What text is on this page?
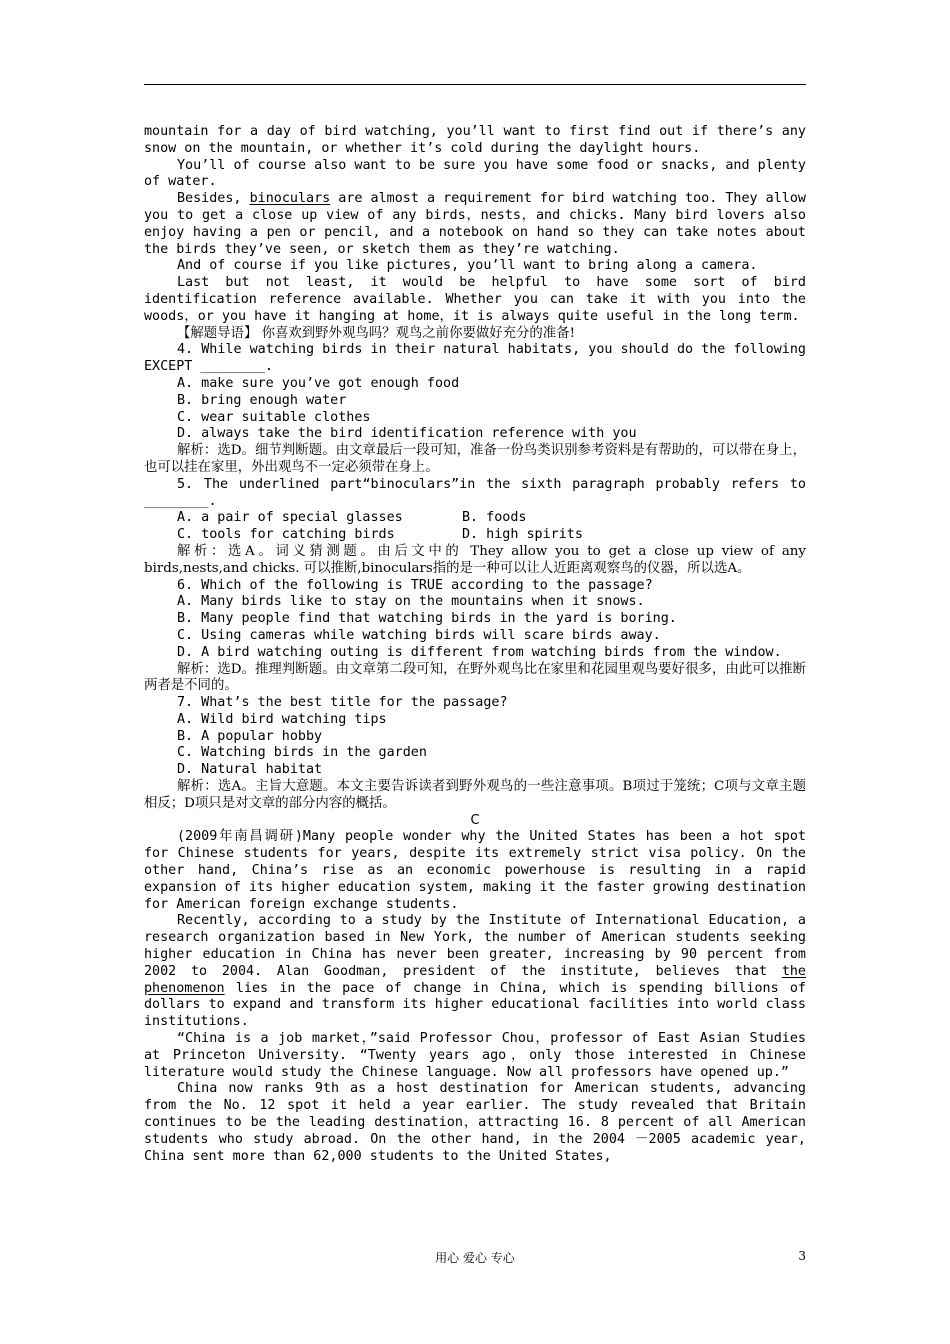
mountain for a day of bird watching, you’ll want to first find out if there’s any snow on the mountain, or whether it’s cold during the daylight hours.

You’ll of course also want to be sure you have some food or snacks, and plenty of water.

Besides, binoculars are almost a requirement for bird watching too. They allow you to get a close up view of any birds，nests，and chicks. Many bird lovers also enjoy having a pen or pencil, and a notebook on hand so they can take notes about the birds they’ve seen, or sketch them as they’re watching.

And of course if you like pictures, you’ll want to bring along a camera.

Last but not least, it would be helpful to have some sort of bird identification reference available. Whether you can take it with you into the woods，or you have it hanging at home，it is always quite useful in the long term.

【解题导语】 你喜欢到野外观鸟吗？观鸟之前你要做好充分的准备!

4. While watching birds in their natural habitats, you should do the following EXCEPT ________.

A. make sure you’ve got enough food

B. bring enough water

C. wear suitable clothes

D. always take the bird identification reference with you

解析：选D。细节判断题。由文章最后一段可知，准备一份鸟类识别参考资料是有帮助的，可以带在身上，也可以挂在家里，外出观鸟不一定必须带在身上。

5. The underlined part“binoculars”in the sixth paragraph probably refers to ________.

A. a pair of special glasses	B. foods
C. tools for catching birds	D. high spirits

解析：选A。词义猜测题。由后文中的 They allow you to get a close up view of any birds,nests,and chicks. 可以推断,binoculars指的是一种可以让人近距离观察鸟的仪器，所以选A。

6. Which of the following is TRUE according to the passage?

A. Many birds like to stay on the mountains when it snows.

B. Many people find that watching birds in the yard is boring.

C. Using cameras while watching birds will scare birds away.

D. A bird watching outing is different from watching birds from the window.

解析：选D。推理判断题。由文章第二段可知，在野外观鸟比在家里和花园里观鸟要好很多，由此可以推断两者是不同的。

7. What’s the best title for the passage?

A. Wild bird watching tips

B. A popular hobby

C. Watching birds in the garden

D. Natural habitat

解析：选A。主旨大意题。本文主要告诉读者到野外观鸟的一些注意事项。B项过于笼统；C项与文章主题相反；D项只是对文章的部分内容的概括。

C

(2009年南昌调研)Many people wonder why the United States has been a hot spot for Chinese students for years, despite its extremely strict visa policy. On the other hand, China’s rise as an economic powerhouse is resulting in a rapid expansion of its higher education system, making it the faster growing destination for American foreign exchange students.

Recently, according to a study by the Institute of International Education, a research organization based in New York, the number of American students seeking higher education in China has never been greater, increasing by 90 percent from 2002 to 2004. Alan Goodman, president of the institute, believes that the phenomenon lies in the pace of change in China, which is spending billions of dollars to expand and transform its higher educational facilities into world class institutions.

“China is a job market，”said Professor Chou，professor of East Asian Studies at Princeton University. “Twenty years ago，only those interested in Chinese literature would study the Chinese language. Now all professors have opened up.”

China now ranks 9th as a host destination for American students, advancing from the No. 12 spot it held a year earlier. The study revealed that Britain continues to be the leading destination，attracting 16. 8 percent of all American students who study abroad. On the other hand, in the 2004 －2005 academic year, China sent more than 62,000 students to the United States,

用心 爱心 专心	3
